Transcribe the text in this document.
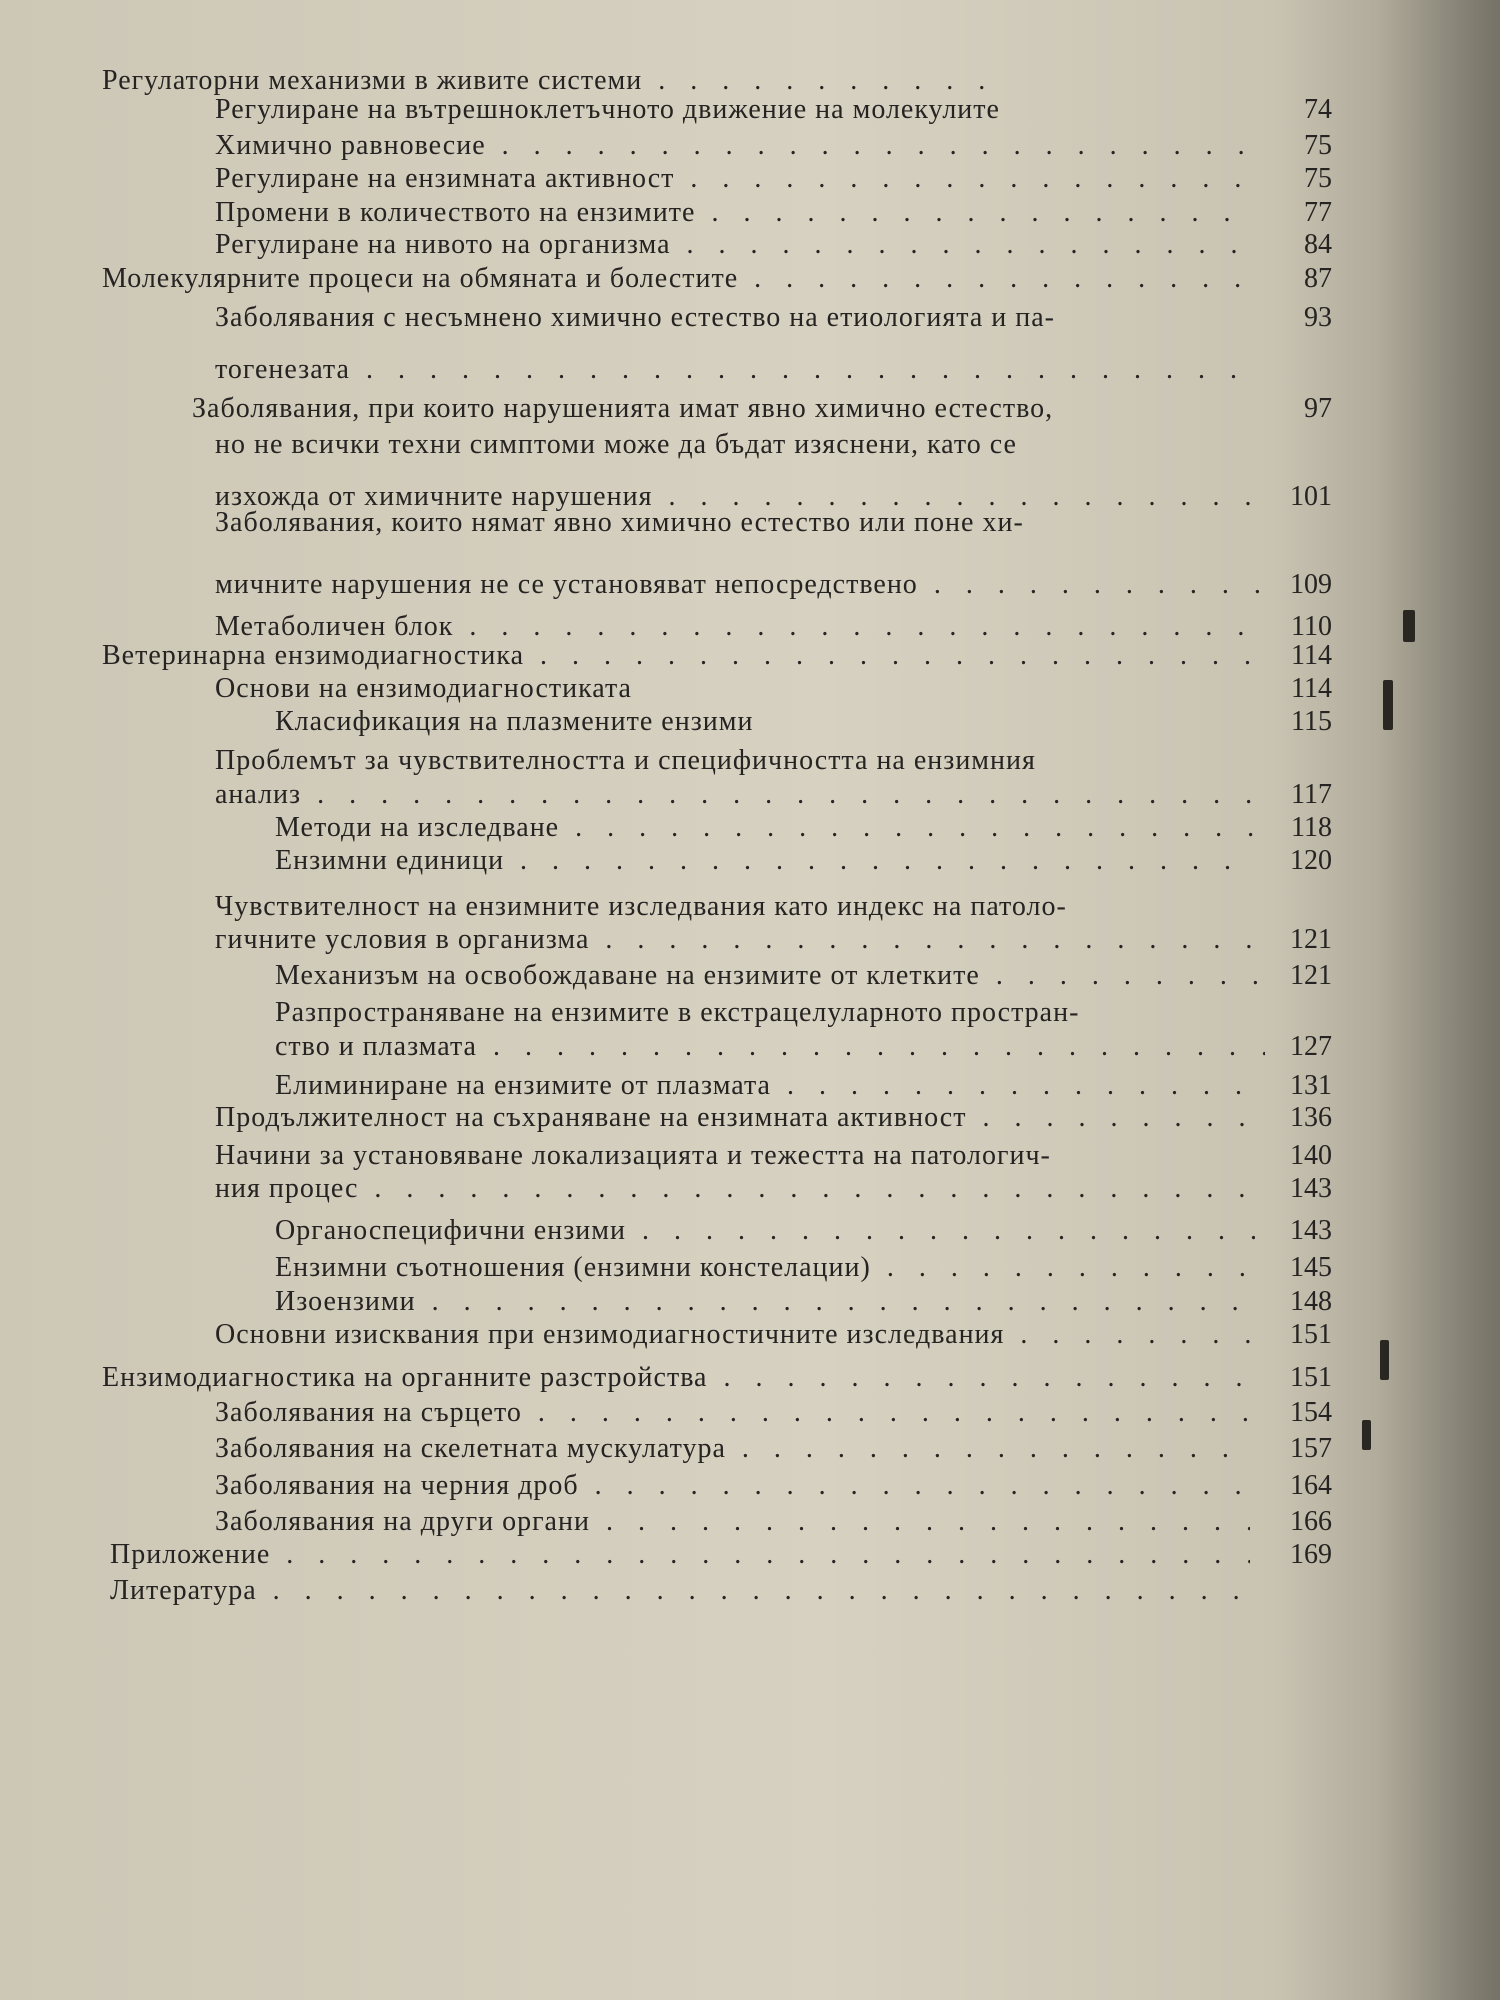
Регулаторни механизми в живите системи . . .
Регулиране на вътрешноклетъчното движение на молекулите	74
Химично равновесие . . .	75
Регулиране на ензимната активност . . .	75
Промени в количеството на ензимите . . .	77
Регулиране на нивото на организма . . .	84
Молекулярните процеси на обмяната и болестите . . .	87
Заболявания с несъмнено химично естество на етиологията и па-	93
тогенезата . . .
Заболявания, при които нарушенията имат явно химично естество,	97
но не всички техни симптоми може да бъдат изяснени, като се
изхожда от химичните нарушения . . .	101
Заболявания, които нямат явно химично естество или поне хи-
мичните нарушения не се установяват непосредствено . . .	109
Метаболичен блок . . .	110
Ветеринарна ензимодиагностика . . .	114
Основи на ензимодиагностиката	114
Класификация на плазмените ензими	115
Проблемът за чувствителността и специфичността на ензимния
анализ . . .	117
Методи на изследване . . .	118
Ензимни единици . . .	120
Чувствителност на ензимните изследвания като индекс на патоло-
гичните условия в организма . . .	121
Механизъм на освобождаване на ензимите от клетките . . .	121
Разпространяване на ензимите в екстрацелуларното простран-
ство и плазмата . . .	127
Елиминиране на ензимите от плазмата . . .	131
Продължителност на съхраняване на ензимната активност . . .	136
Начини за установяване локализацията и тежестта на патологич-	140
ния процес . . .	143
Органоспецифични ензими . . .	143
Ензимни съотношения (ензимни констелации) . . .	145
Изоензими . . .	148
Основни изисквания при ензимодиагностичните изследвания . . .	151
Ензимодиагностика на органните разстройства . . .	151
Заболявания на сърцето . . .	154
Заболявания на скелетната мускулатура . . .	157
Заболявания на черния дроб . . .	164
Заболявания на други органи . . .	166
Приложение . . .	169
Литература . . .
